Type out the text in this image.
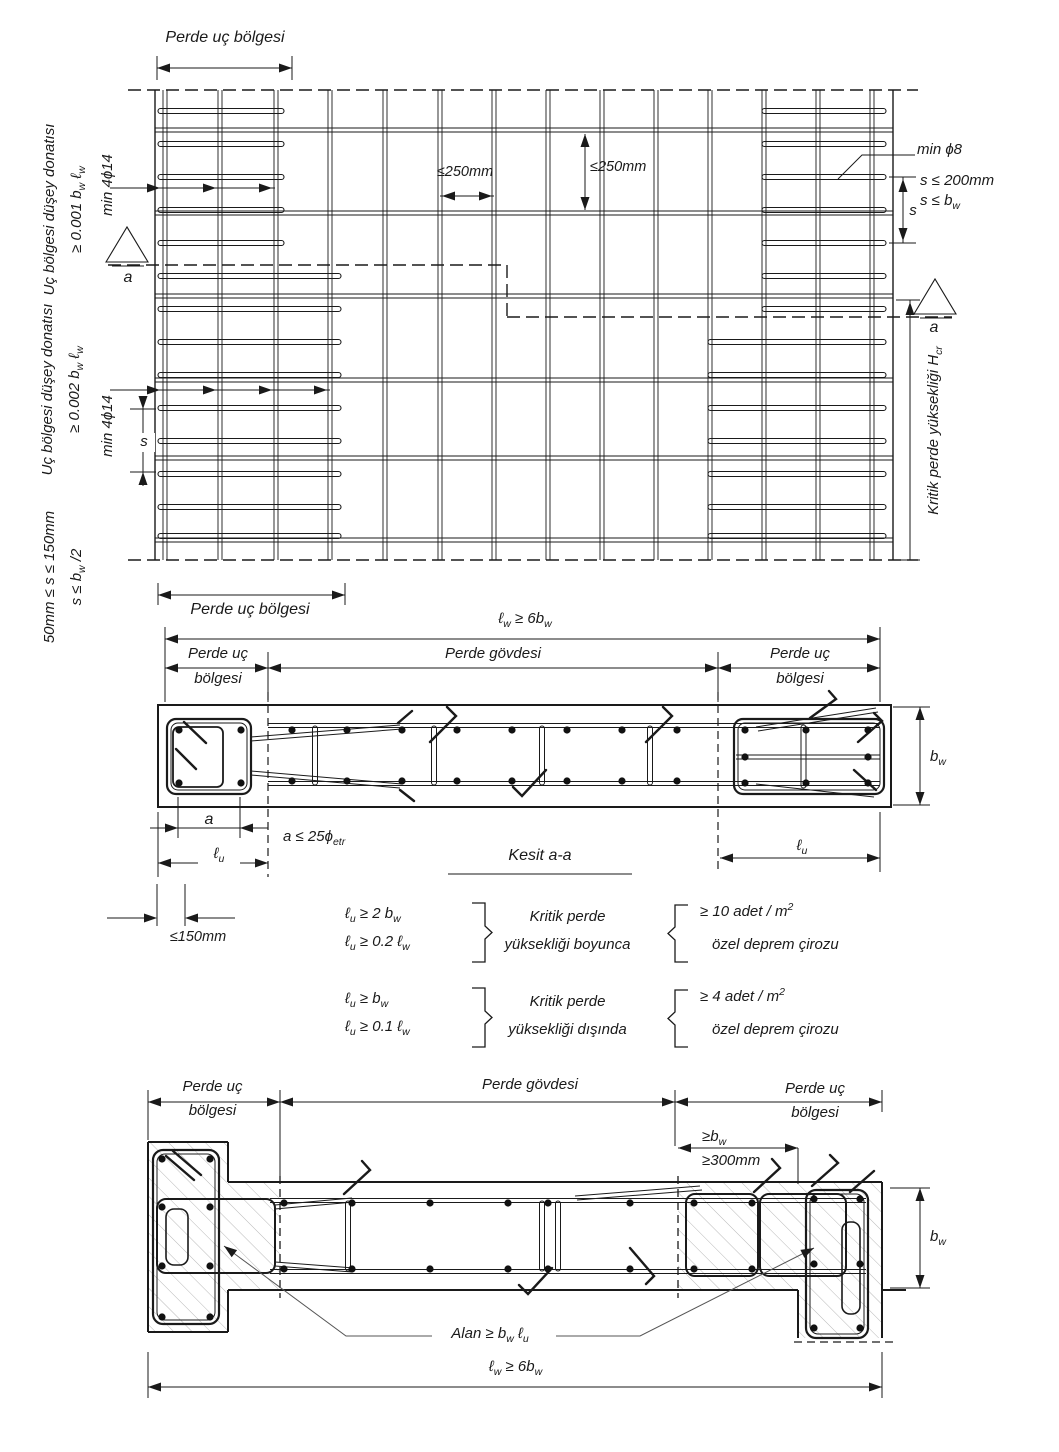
Perde uç bölgesi
Uç bölgesi düşey donatısı ≥ 0.001 $b_w$ ℓ$_w$ min 4ϕ14
a
≤250mm	≤250mm
min ϕ8
s ≤ 200mm
$s \le b_w$
s
a
Kritik perde yüksekliği $H_{cr}$
Uç bölgesi düşey donatısı ≥ 0.002 $b_w$ ℓ$_w$
min 4ϕ14	s
50mm ≤ s ≤ 150mm $s \le b_w$ /2
Perde uç bölgesi
ℓ$_w$ ≥ $6b_w$
Perde uç
bölgesi
Perde gövdesi	Perde uç
bölgesi
a
$a \le 25\phi_{etr}$
ℓ$_u$	Kesit a-a
ℓ$_u$
$b_w$
≤150mm
ℓ$_u$ ≥ 2 $b_w$
ℓ$_u$ ≥ 0.2 ℓ$_w$
Kritik perde
yüksekliği boyunca
≥ 10 adet / $m^2$
özel deprem çirozu
ℓ$_u$ ≥ $b_w$
ℓ$_u$ ≥ 0.1 ℓ$_w$
Kritik perde
yüksekliği dışında
≥ 4 adet / $m^2$
özel deprem çirozu
Perde uç
bölgesi
Perde gövdesi	Perde uç
bölgesi
$\ge b_w$
≥300mm
$b_w$
Alan ≥ $b_w$ ℓ$_u$
ℓ$_w$ ≥ $6b_w$
